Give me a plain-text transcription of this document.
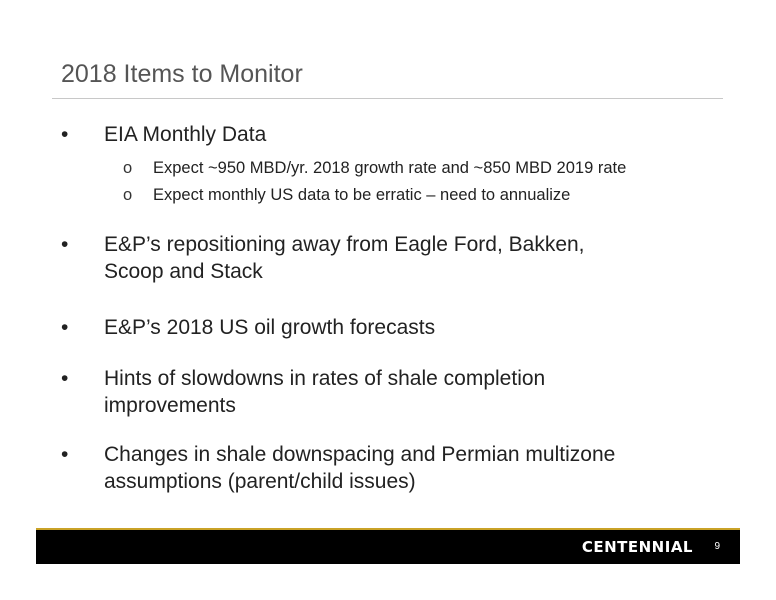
2018 Items to Monitor
•	EIA Monthly Data
o Expect ~950 MBD/yr. 2018 growth rate and ~850 MBD 2019 rate
o Expect monthly US data to be erratic – need to annualize
•	E&P’s repositioning away from Eagle Ford, Bakken,
Scoop and Stack
•	E&P’s 2018 US oil growth forecasts
•	Hints of slowdowns in rates of shale completion
improvements
•	Changes in shale downspacing and Permian multizone
assumptions (parent/child issues)
CENTENNIAL 9
